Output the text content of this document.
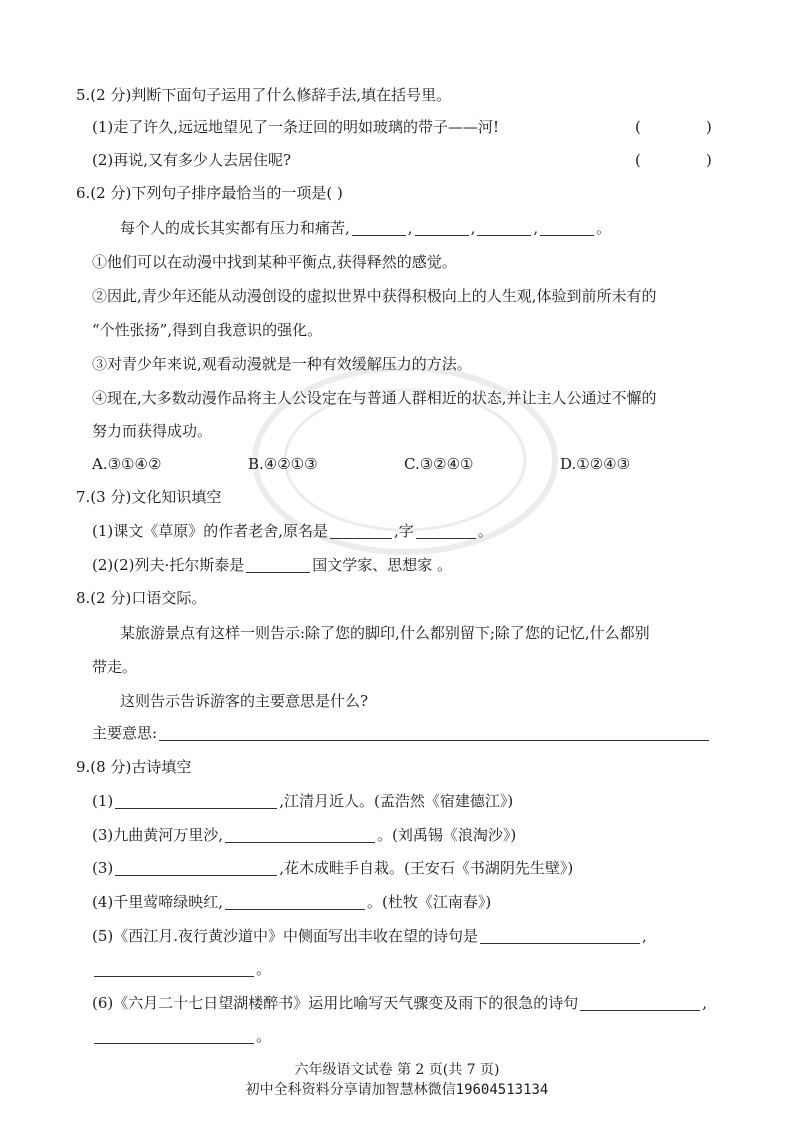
5.(2 分)判断下面句子运用了什么修辞手法,填在括号里。
(1)走了许久,远远地望见了一条迂回的明如玻璃的带子——河!	(	)
(2)再说,又有多少人去居住呢?	(	)
6.(2 分)下列句子排序最恰当的一项是( )
每个人的成长其实都有压力和痛苦,	,	,	,	。
①他们可以在动漫中找到某种平衡点,获得释然的感觉。
②因此,青少年还能从动漫创设的虚拟世界中获得积极向上的人生观,体验到前所未有的
“个性张扬”,得到自我意识的强化。
③对青少年来说,观看动漫就是一种有效缓解压力的方法。
④现在,大多数动漫作品将主人公设定在与普通人群相近的状态,并让主人公通过不懈的
努力而获得成功。
A.③①④②	B.④②①③	C.③②④①	D.①②④③
7.(3 分)文化知识填空
(1)课文《草原》的作者老舍,原名是	,字	。
(2)(2)列夫·托尔斯泰是	国文学家、思想家 。
8.(2 分)口语交际。
某旅游景点有这样一则告示:除了您的脚印,什么都别留下;除了您的记忆,什么都别
带走。
这则告示告诉游客的主要意思是什么?
主要意思:
9.(8 分)古诗填空
(1)	,江清月近人。(孟浩然《宿建德江》)
(3)九曲黄河万里沙,	。(刘禹锡《浪淘沙》)
(3)	,花木成畦手自栽。(王安石《书湖阴先生壁》)
(4)千里莺啼绿映红,	。(杜牧《江南春》)
(5)《西江月.夜行黄沙道中》中侧面写出丰收在望的诗句是	,
。
(6)《六月二十七日望湖楼醉书》运用比喻写天气骤变及雨下的很急的诗句	,
。
六年级语文试卷 第 2 页(共 7 页)
初中全科资料分享请加智慧林微信19604513134
